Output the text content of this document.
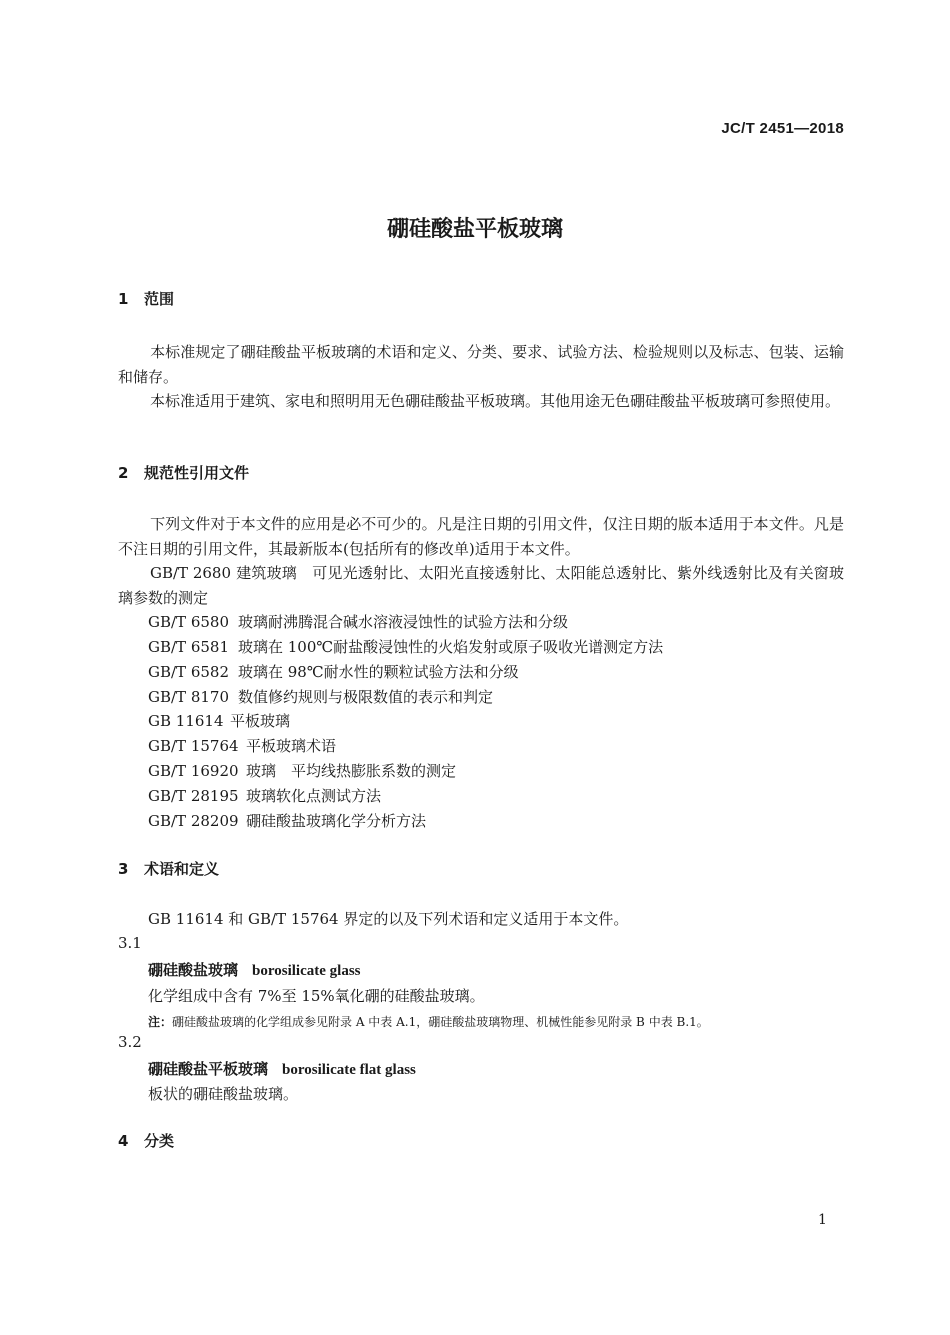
JC/T 2451—2018
硼硅酸盐平板玻璃
1 范围
本标准规定了硼硅酸盐平板玻璃的术语和定义、分类、要求、试验方法、检验规则以及标志、包装、运输和储存。
本标准适用于建筑、家电和照明用无色硼硅酸盐平板玻璃。其他用途无色硼硅酸盐平板玻璃可参照使用。
2 规范性引用文件
下列文件对于本文件的应用是必不可少的。凡是注日期的引用文件，仅注日期的版本适用于本文件。凡是不注日期的引用文件，其最新版本(包括所有的修改单)适用于本文件。
GB/T 2680 建筑玻璃　可见光透射比、太阳光直接透射比、太阳能总透射比、紫外线透射比及有关窗玻璃参数的测定
GB/T 6580 玻璃耐沸腾混合碱水溶液浸蚀性的试验方法和分级
GB/T 6581 玻璃在 100℃耐盐酸浸蚀性的火焰发射或原子吸收光谱测定方法
GB/T 6582 玻璃在 98℃耐水性的颗粒试验方法和分级
GB/T 8170 数值修约规则与极限数值的表示和判定
GB 11614 平板玻璃
GB/T 15764 平板玻璃术语
GB/T 16920 玻璃　平均线热膨胀系数的测定
GB/T 28195 玻璃软化点测试方法
GB/T 28209 硼硅酸盐玻璃化学分析方法
3 术语和定义
GB 11614 和 GB/T 15764 界定的以及下列术语和定义适用于本文件。
3.1
硼硅酸盐玻璃 borosilicate glass
化学组成中含有 7%至 15%氧化硼的硅酸盐玻璃。
注：硼硅酸盐玻璃的化学组成参见附录 A 中表 A.1，硼硅酸盐玻璃物理、机械性能参见附录 B 中表 B.1。
3.2
硼硅酸盐平板玻璃 borosilicate flat glass
板状的硼硅酸盐玻璃。
4 分类
1
